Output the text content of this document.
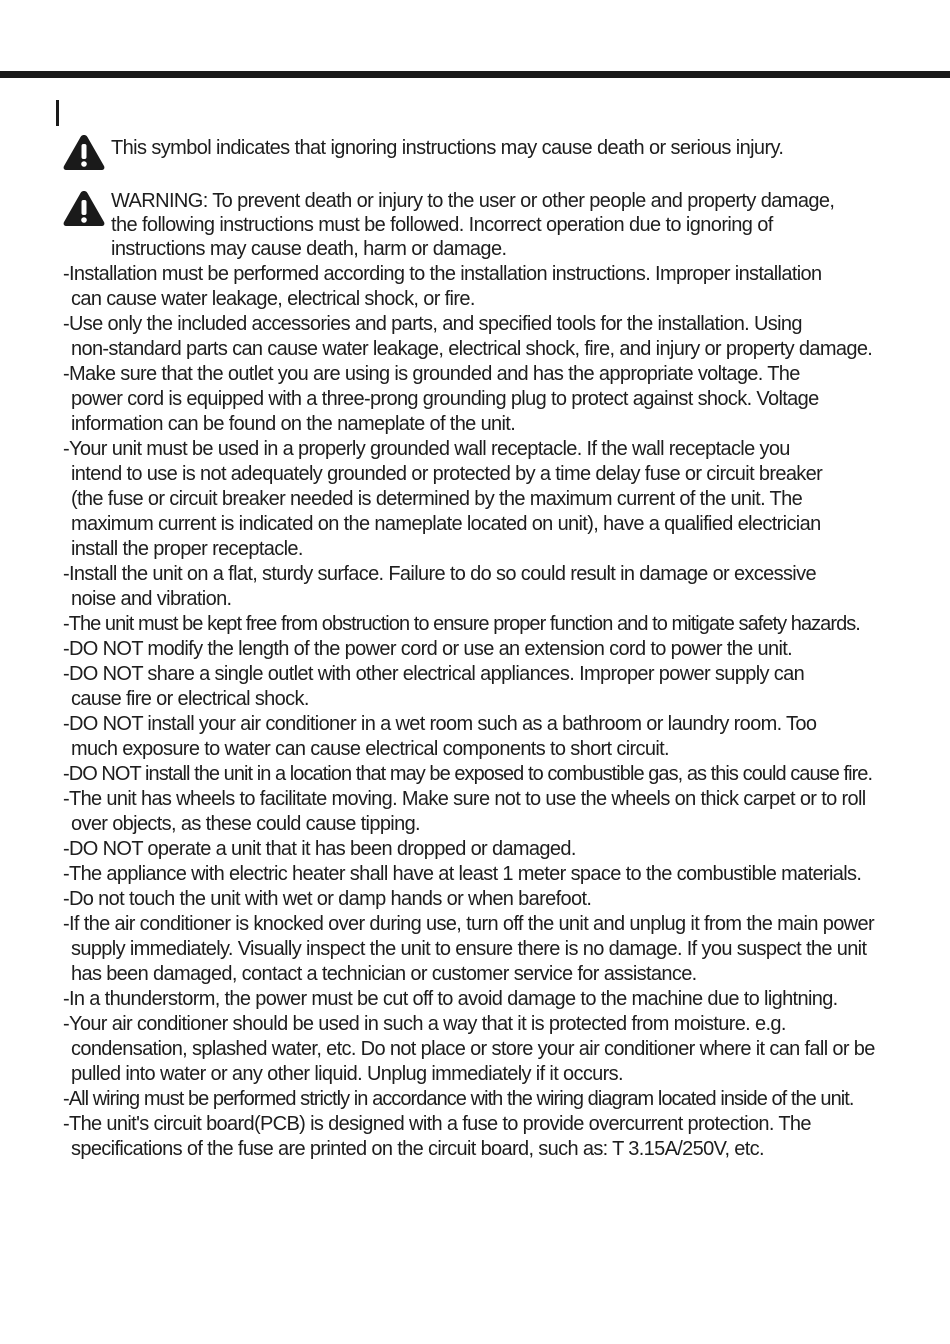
This symbol indicates that ignoring instructions may cause death or serious injury.
WARNING: To prevent death or injury to the user or other people and property damage,
the following instructions must be followed. Incorrect operation due to ignoring of
instructions may cause death, harm or damage.
-Installation must be performed according to the installation instructions. Improper installation
can cause water leakage, electrical shock, or fire.
-Use only the included accessories and parts, and specified tools for the installation. Using
non-standard parts can cause water leakage, electrical shock, fire, and injury or property damage.
-Make sure that the outlet you are using is grounded and has the appropriate voltage. The
power cord is equipped with a three-prong grounding plug to protect against shock. Voltage
information can be found on the nameplate of the unit.
-Your unit must be used in a properly grounded wall receptacle. If the wall receptacle you
intend to use is not adequately grounded or protected by a time delay fuse or circuit breaker
(the fuse or circuit breaker needed is determined by the maximum current of the unit. The
maximum current is indicated on the nameplate located on unit), have a qualified electrician
install the proper receptacle.
-Install the unit on a flat, sturdy surface. Failure to do so could result in damage or excessive
noise and vibration.
-The unit must be kept free from obstruction to ensure proper function and to mitigate safety hazards.
-DO NOT modify the length of the power cord or use an extension cord to power the unit.
-DO NOT share a single outlet with other electrical appliances. Improper power supply can
cause fire or electrical shock.
-DO NOT install your air conditioner in a wet room such as a bathroom or laundry room. Too
much exposure to water can cause electrical components to short circuit.
-DO NOT install the unit in a location that may be exposed to combustible gas, as this could cause fire.
-The unit has wheels to facilitate moving. Make sure not to use the wheels on thick carpet or to roll
over objects, as these could cause tipping.
-DO NOT operate a unit that it has been dropped or damaged.
-The appliance with electric heater shall have at least 1 meter space to the combustible materials.
-Do not touch the unit with wet or damp hands or when barefoot.
-If the air conditioner is knocked over during use, turn off the unit and unplug it from the main power
supply immediately. Visually inspect the unit to ensure there is no damage. If you suspect the unit
has been damaged, contact a technician or customer service for assistance.
-In a thunderstorm, the power must be cut off to avoid damage to the machine due to lightning.
-Your air conditioner should be used in such a way that it is protected from moisture. e.g.
condensation, splashed water, etc. Do not place or store your air conditioner where it can fall or be
pulled into water or any other liquid. Unplug immediately if it occurs.
-All wiring must be performed strictly in accordance with the wiring diagram located inside of the unit.
-The unit's circuit board(PCB) is designed with a fuse to provide overcurrent protection. The
specifications of the fuse are printed on the circuit board, such as: T 3.15A/250V, etc.
